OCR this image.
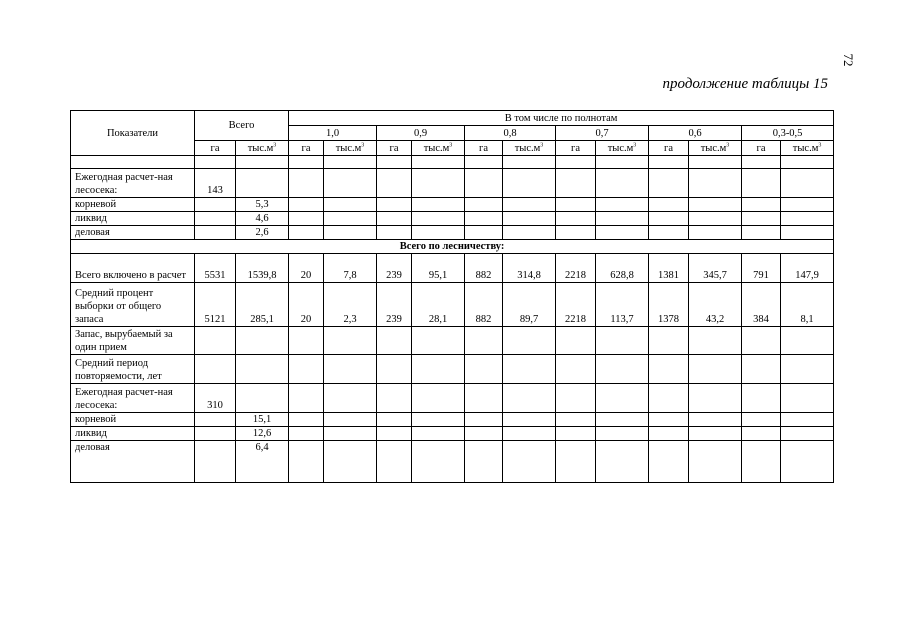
72
продолжение таблицы 15
Показатели	Всего		В том числе по полнотам											
			1,0		0,9		0,8		0,7		0,6		0,3-0,5	
	га	$тыс.м^3$	га	$тыс.м^3$	га	$тыс.м^3$	га	$тыс.м^3$	га	$тыс.м^3$	га	$тыс.м^3$	га	$тыс.м^3$

Ежегодная расчет-ная лесосека:	143													
корневой		5,3												
ликвид		4,6												
деловая		2,6												
Всего по лесничеству:														
Всего включено в расчет	5531	1539,8	20	7,8	239	95,1	882	314,8	2218	628,8	1381	345,7	791	147,9
Средний процент выборки от общего запаса	5121	285,1	20	2,3	239	28,1	882	89,7	2218	113,7	1378	43,2	384	8,1
Запас, вырубаемый за один прием														
Средний период повторяемости, лет														
Ежегодная расчет-ная лесосека:	310													
корневой		15,1												
ликвид		12,6												
деловая		6,4												
